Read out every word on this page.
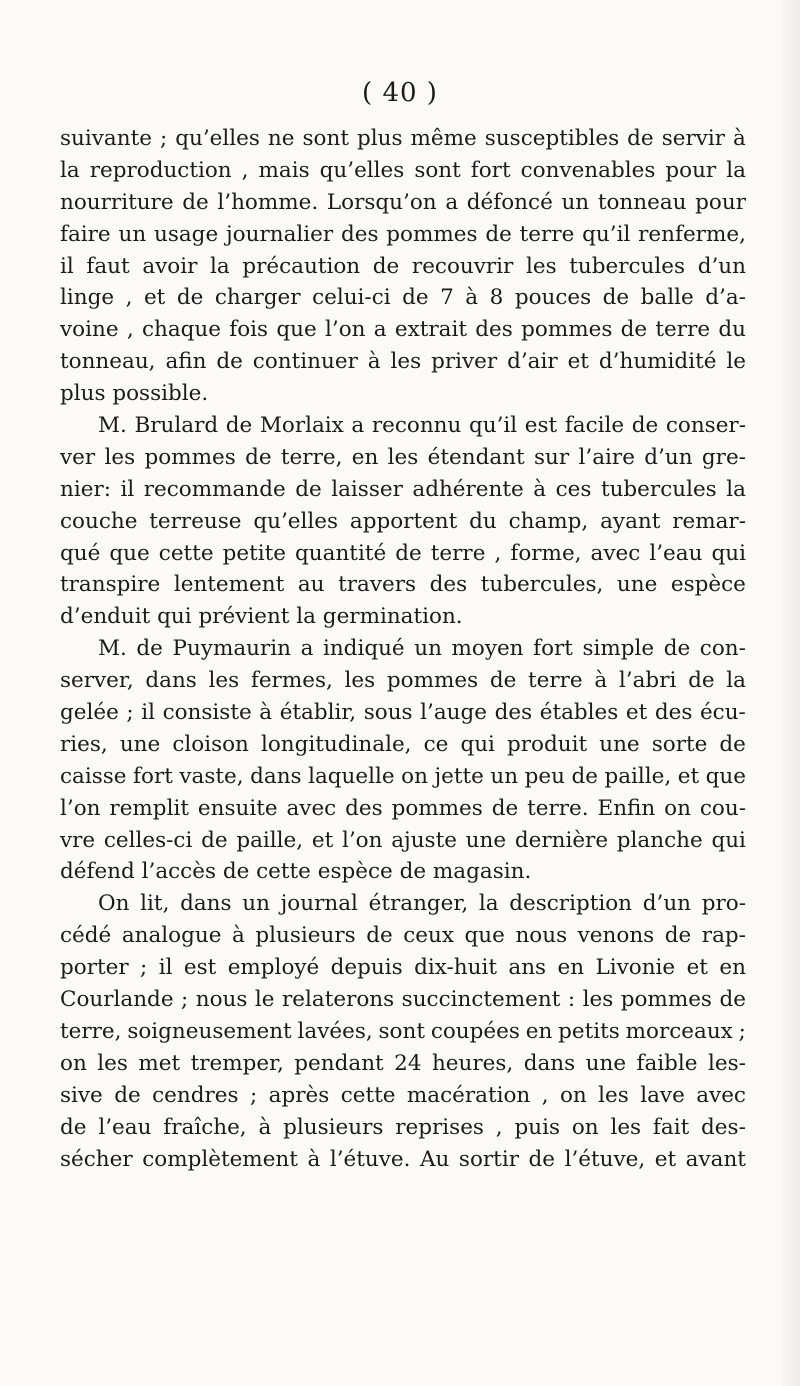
( 40 )
suivante ; qu’elles ne sont plus même susceptibles de servir à
la reproduction , mais qu’elles sont fort convenables pour la
nourriture de l’homme. Lorsqu’on a défoncé un tonneau pour
faire un usage journalier des pommes de terre qu’il renferme,
il faut avoir la précaution de recouvrir les tubercules d’un
linge , et de charger celui-ci de 7 à 8 pouces de balle d’a-
voine , chaque fois que l’on a extrait des pommes de terre du
tonneau, afin de continuer à les priver d’air et d’humidité le
plus possible.
M. Brulard de Morlaix a reconnu qu’il est facile de conser-
ver les pommes de terre, en les étendant sur l’aire d’un gre-
nier: il recommande de laisser adhérente à ces tubercules la
couche terreuse qu’elles apportent du champ, ayant remar-
qué que cette petite quantité de terre , forme, avec l’eau qui
transpire lentement au travers des tubercules, une espèce
d’enduit qui prévient la germination.
M. de Puymaurin a indiqué un moyen fort simple de con-
server, dans les fermes, les pommes de terre à l’abri de la
gelée ; il consiste à établir, sous l’auge des étables et des écu-
ries, une cloison longitudinale, ce qui produit une sorte de
caisse fort vaste, dans laquelle on jette un peu de paille, et que
l’on remplit ensuite avec des pommes de terre. Enfin on cou-
vre celles-ci de paille, et l’on ajuste une dernière planche qui
défend l’accès de cette espèce de magasin.
On lit, dans un journal étranger, la description d’un pro-
cédé analogue à plusieurs de ceux que nous venons de rap-
porter ; il est employé depuis dix-huit ans en Livonie et en
Courlande ; nous le relaterons succinctement : les pommes de
terre, soigneusement lavées, sont coupées en petits morceaux ;
on les met tremper, pendant 24 heures, dans une faible les-
sive de cendres ; après cette macération , on les lave avec
de l’eau fraîche, à plusieurs reprises , puis on les fait des-
sécher complètement à l’étuve. Au sortir de l’étuve, et avant
